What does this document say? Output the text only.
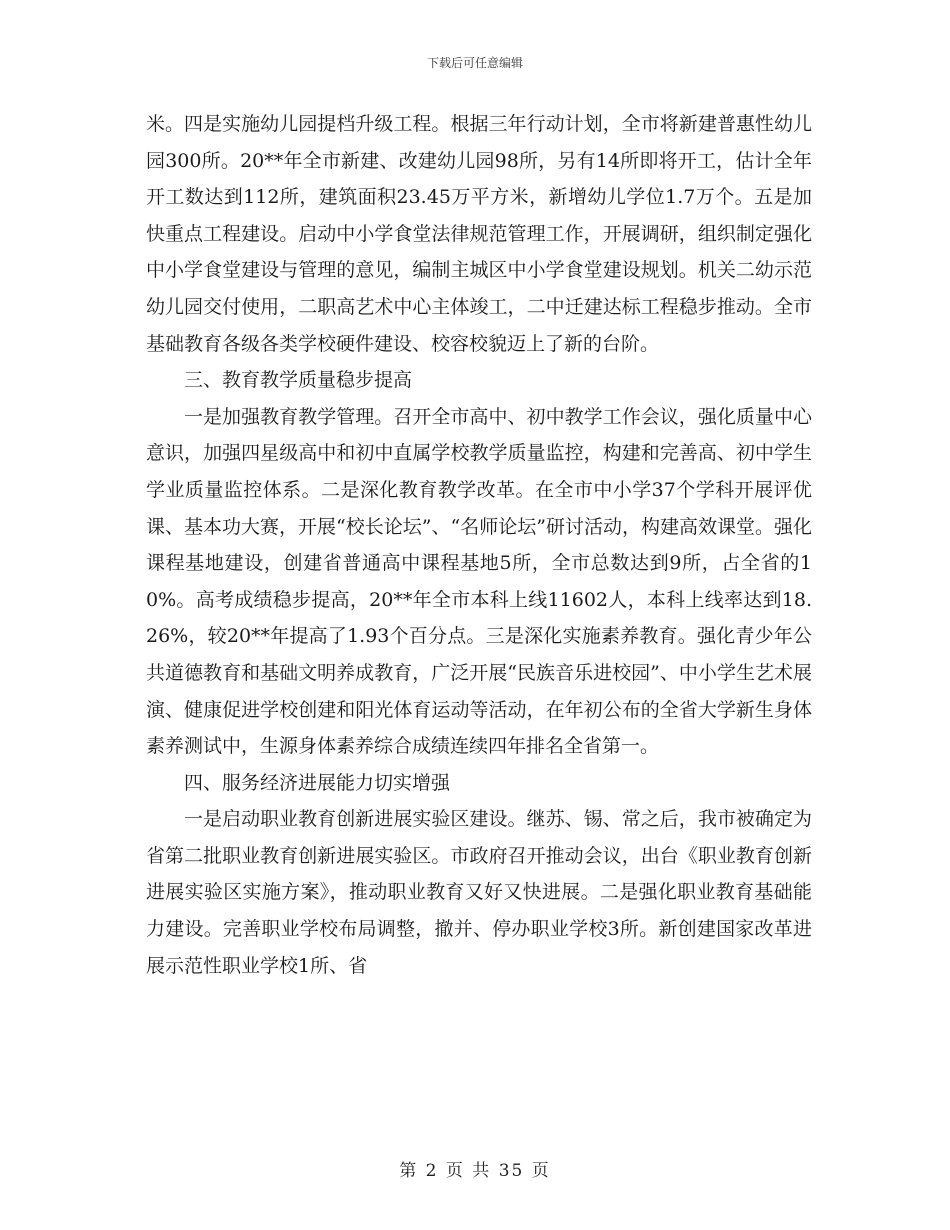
下载后可任意编辑

米。四是实施幼儿园提档升级工程。根据三年行动计划，全市将新建普惠性幼儿园300所。20**年全市新建、改建幼儿园98所，另有14所即将开工，估计全年开工数达到112所，建筑面积23.45万平方米，新增幼儿学位1.7万个。五是加快重点工程建设。启动中小学食堂法律规范管理工作，开展调研，组织制定强化中小学食堂建设与管理的意见，编制主城区中小学食堂建设规划。机关二幼示范幼儿园交付使用，二职高艺术中心主体竣工，二中迁建达标工程稳步推动。全市基础教育各级各类学校硬件建设、校容校貌迈上了新的台阶。

三、教育教学质量稳步提高

一是加强教育教学管理。召开全市高中、初中教学工作会议，强化质量中心意识，加强四星级高中和初中直属学校教学质量监控，构建和完善高、初中学生学业质量监控体系。二是深化教育教学改革。在全市中小学37个学科开展评优课、基本功大赛，开展“校长论坛”、“名师论坛”研讨活动，构建高效课堂。强化课程基地建设，创建省普通高中课程基地5所，全市总数达到9所，占全省的10%。高考成绩稳步提高，20**年全市本科上线11602人，本科上线率达到18.26%，较20**年提高了1.93个百分点。三是深化实施素养教育。强化青少年公共道德教育和基础文明养成教育，广泛开展“民族音乐进校园”、中小学生艺术展演、健康促进学校创建和阳光体育运动等活动，在年初公布的全省大学新生身体素养测试中，生源身体素养综合成绩连续四年排名全省第一。

四、服务经济进展能力切实增强

一是启动职业教育创新进展实验区建设。继苏、锡、常之后，我市被确定为省第二批职业教育创新进展实验区。市政府召开推动会议，出台《职业教育创新进展实验区实施方案》，推动职业教育又好又快进展。二是强化职业教育基础能力建设。完善职业学校布局调整，撤并、停办职业学校3所。新创建国家改革进展示范性职业学校1所、省

第 2 页 共 35 页
